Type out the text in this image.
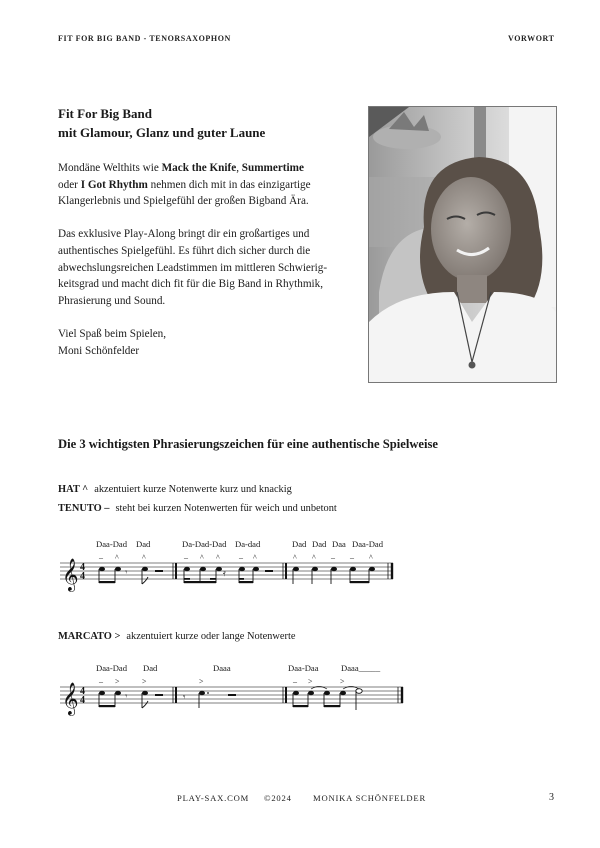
FIT FOR BIG BAND - TENORSAXOPHON	VORWORT
Fit For Big Band
mit Glamour, Glanz und guter Laune

Mondäne Welthits wie Mack the Knife, Summertime
oder I Got Rhythm nehmen dich mit in das einzigartige
Klangerlebnis und Spielgefühl der großen Bigband Ära.

Das exklusive Play-Along bringt dir ein großartiges und
authentisches Spielgefühl. Es führt dich sicher durch die
abwechslungsreichen Leadstimmen im mittleren Schwierig-
keitsgrad und macht dich fit für die Big Band in Rhythmik,
Phrasierung und Sound.

Viel Spaß beim Spielen,
Moni Schönfelder

Die 3 wichtigsten Phrasierungszeichen für eine authentische Spielweise
HAT ^ akzentuiert kurze Notenwerte kurz und knackig
TENUTO – steht bei kurzen Notenwerten für weich und unbetont
Daa-Dad Dad	Da-Dad-Dad Da-dad	Dad Dad Daa Daa-Dad
𝄞 4
4
– ^	^
𝄾
– ^ ^ – ^
𝄿
^ ^ – – ^
MARCATO > akzentuiert kurze oder lange Notenwerte
Daa-Dad Dad	Daaa	Daa-Daa	Daaa_____
𝄞 4
4
– >	>
𝄾	𝄾
>	– >	>
PLAY-SAX.COM ©2024 MONIKA SCHÖNFELDER	3
